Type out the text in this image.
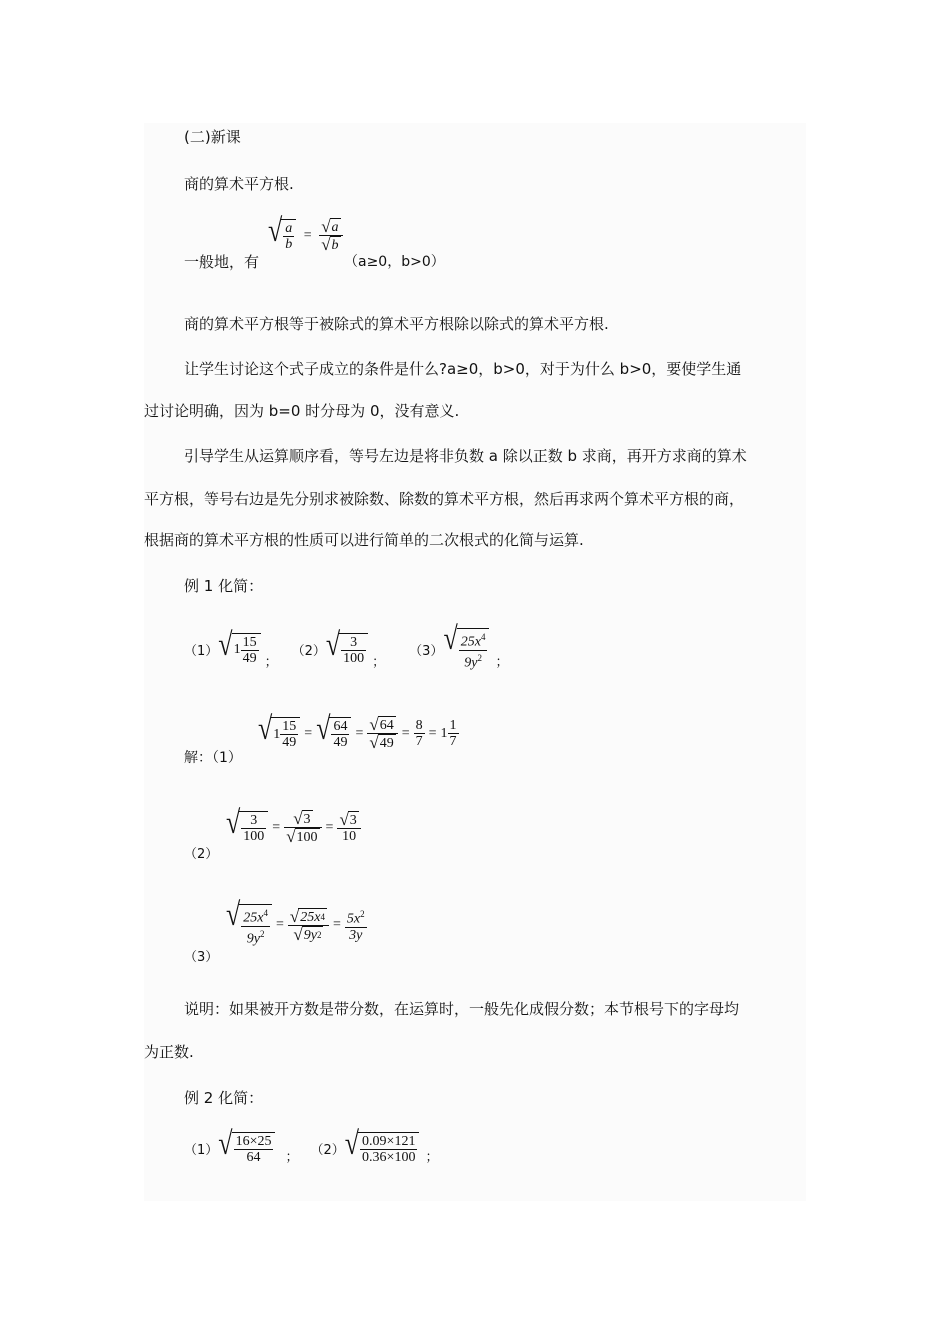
(二)新课
商的算术平方根.
一般地，有
√ $\frac{a}{b} = \frac{√ a}{√ b}$
（a≥0，b>0）
商的算术平方根等于被除式的算术平方根除以除式的算术平方根.
让学生讨论这个式子成立的条件是什么?a≥0，b>0，对于为什么 b>0，要使学生通
过讨论明确，因为 b=0 时分母为 0，没有意义.
引导学生从运算顺序看，等号左边是将非负数 a 除以正数 b 求商，再开方求商的算术
平方根，等号右边是先分别求被除数、除数的算术平方根，然后再求两个算术平方根的商，
根据商的算术平方根的性质可以进行简单的二次根式的化简与运算.
例 1 化简：
（1） √ $1 \frac{15}{49}$ ；
（2） √ $\frac{3}{100}$ ；
（3） √ $\frac{25x^4}{9y^2}$ ；
解：（1）
√ $1 \frac{15}{49}$ = √ $\frac{64}{49} = \frac{√ 64}{√ 49} = \frac{8}{7} = 1 \frac{1}{7}$
（2）
√ $\frac{3}{100} = \frac{√ 3}{√ 100} = \frac{√ 3}{10}$
（3）
√ $\frac{25x^4}{9y^2} = \frac{√ 25x 4}{√ 9y 2} = \frac{5x^2}{3y}$
说明：如果被开方数是带分数，在运算时，一般先化成假分数；本节根号下的字母均
为正数.
例 2 化简：
（1） √ $\frac{16\times 25}{64}$ ； （2） √ $\frac{0.09\times 121}{0.36\times 100}$ ；
